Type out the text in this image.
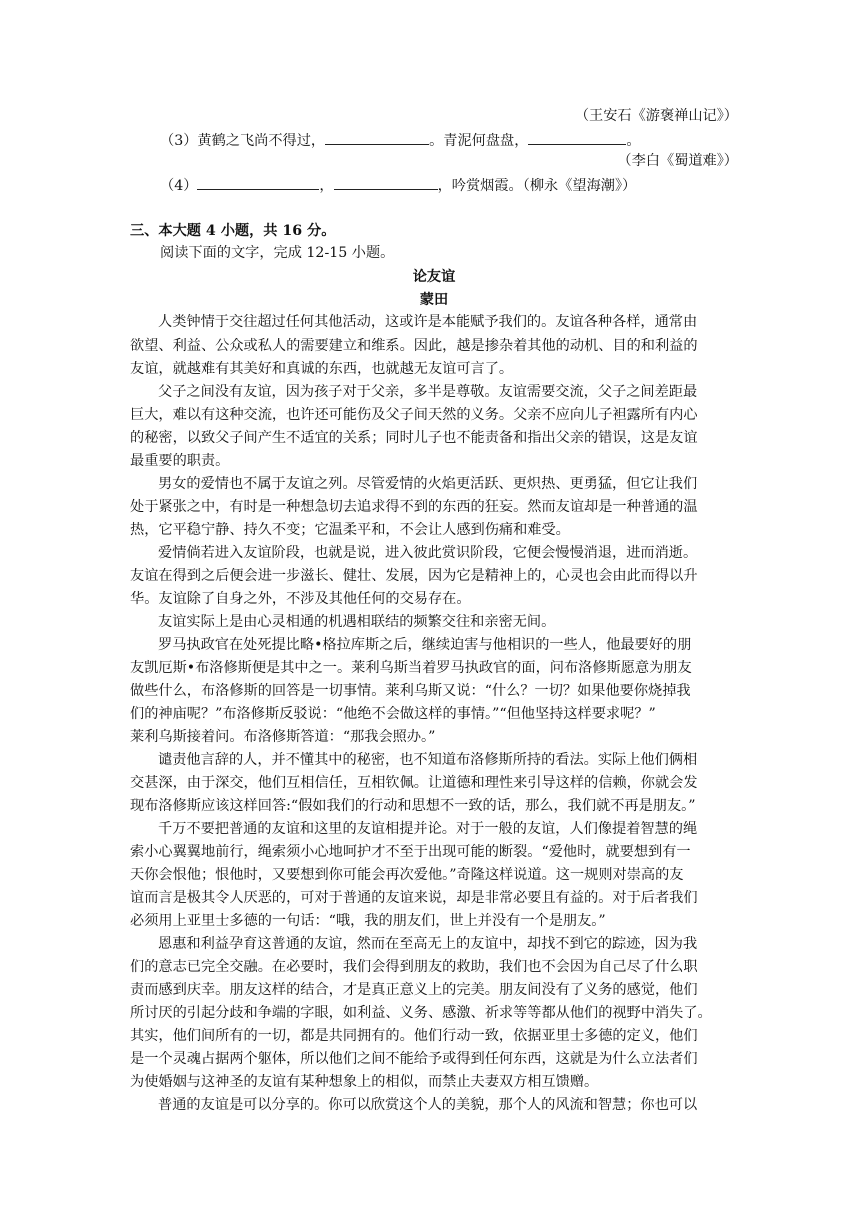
（王安石《游褒禅山记》）
（3）黄鹤之飞尚不得过，	。青泥何盘盘，	。
（李白《蜀道难》）
（4）	，	，吟赏烟霞。（柳永《望海潮》）
三、本大题 4 小题，共 16 分。
阅读下面的文字，完成 12-15 小题。
论友谊
蒙田
人类钟情于交往超过任何其他活动，这或许是本能赋予我们的。友谊各种各样，通常由
欲望、利益、公众或私人的需要建立和维系。因此，越是掺杂着其他的动机、目的和利益的
友谊，就越难有其美好和真诚的东西，也就越无友谊可言了。
父子之间没有友谊，因为孩子对于父亲，多半是尊敬。友谊需要交流，父子之间差距最
巨大，难以有这种交流，也许还可能伤及父子间天然的义务。父亲不应向儿子袒露所有内心
的秘密，以致父子间产生不适宜的关系；同时儿子也不能责备和指出父亲的错误，这是友谊
最重要的职责。
男女的爱情也不属于友谊之列。尽管爱情的火焰更活跃、更炽热、更勇猛，但它让我们
处于紧张之中，有时是一种想急切去追求得不到的东西的狂妄。然而友谊却是一种普通的温
热，它平稳宁静、持久不变；它温柔平和，不会让人感到伤痛和难受。
爱情倘若进入友谊阶段，也就是说，进入彼此赏识阶段，它便会慢慢消退，进而消逝。
友谊在得到之后便会进一步滋长、健壮、发展，因为它是精神上的，心灵也会由此而得以升
华。友谊除了自身之外，不涉及其他任何的交易存在。
友谊实际上是由心灵相通的机遇相联结的频繁交往和亲密无间。
罗马执政官在处死提比略•格拉库斯之后，继续迫害与他相识的一些人，他最要好的朋
友凯厄斯•布洛修斯便是其中之一。莱利乌斯当着罗马执政官的面，问布洛修斯愿意为朋友
做些什么，布洛修斯的回答是一切事情。莱利乌斯又说：“什么？一切？如果他要你烧掉我
们的神庙呢？”布洛修斯反驳说：“他绝不会做这样的事情。”“但他坚持这样要求呢？”
莱利乌斯接着问。布洛修斯答道：“那我会照办。”
谴责他言辞的人，并不懂其中的秘密，也不知道布洛修斯所持的看法。实际上他们俩相
交甚深，由于深交，他们互相信任，互相钦佩。让道德和理性来引导这样的信赖，你就会发
现布洛修斯应该这样回答:“假如我们的行动和思想不一致的话，那么，我们就不再是朋友。”
千万不要把普通的友谊和这里的友谊相提并论。对于一般的友谊，人们像提着智慧的绳
索小心翼翼地前行，绳索须小心地呵护才不至于出现可能的断裂。“爱他时，就要想到有一
天你会恨他；恨他时，又要想到你可能会再次爱他。”奇隆这样说道。这一规则对崇高的友
谊而言是极其令人厌恶的，可对于普通的友谊来说，却是非常必要且有益的。对于后者我们
必须用上亚里士多德的一句话：“哦，我的朋友们，世上并没有一个是朋友。”
恩惠和利益孕育这普通的友谊，然而在至高无上的友谊中，却找不到它的踪迹，因为我
们的意志已完全交融。在必要时，我们会得到朋友的救助，我们也不会因为自己尽了什么职
责而感到庆幸。朋友这样的结合，才是真正意义上的完美。朋友间没有了义务的感觉，他们
所讨厌的引起分歧和争端的字眼，如利益、义务、感激、祈求等等都从他们的视野中消失了。
其实，他们间所有的一切，都是共同拥有的。他们行动一致，依据亚里士多德的定义，他们
是一个灵魂占据两个躯体，所以他们之间不能给予或得到任何东西，这就是为什么立法者们
为使婚姻与这神圣的友谊有某种想象上的相似，而禁止夫妻双方相互馈赠。
普通的友谊是可以分享的。你可以欣赏这个人的美貌，那个人的风流和智慧；你也可以
